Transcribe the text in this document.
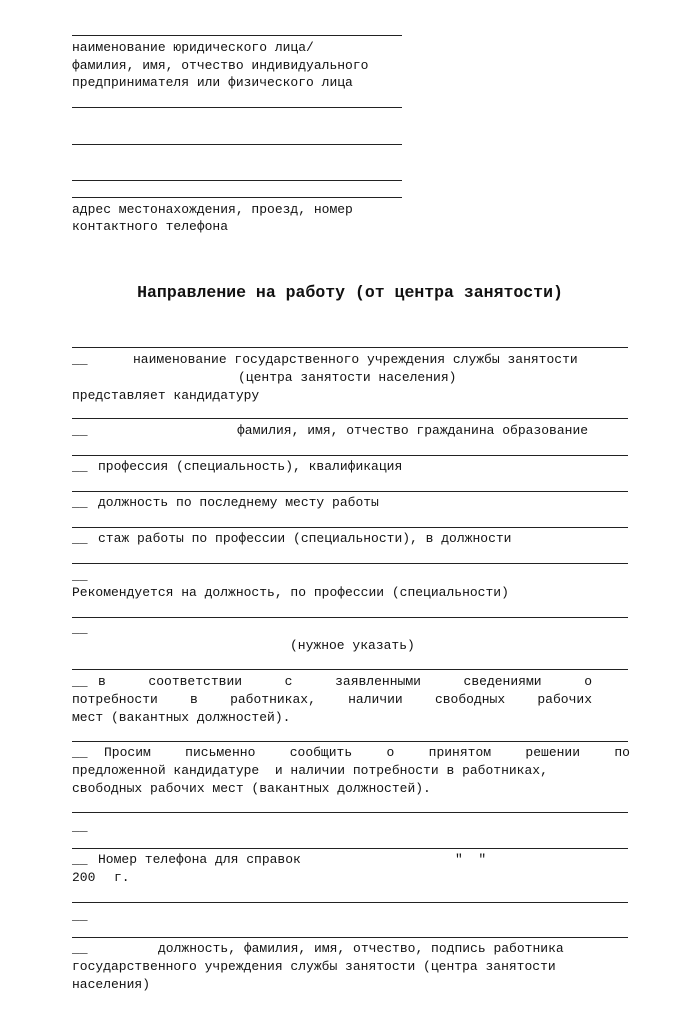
наименование юридического лица/
фамилия, имя, отчество индивидуального
предпринимателя или физического лица
адрес местонахождения, проезд, номер
контактного телефона
Направление на работу (от центра занятости)
__	наименование государственного учреждения службы занятости
(центра занятости населения)
представляет кандидатуру
__	фамилия, имя, отчество гражданина образование
__ профессия (специальность), квалификация
__ должность по последнему месту работы
__ стаж работы по профессии (специальности), в должности
__
Рекомендуется на должность, по профессии (специальности)
__
(нужное указать)
__ в соответствии с заявленными сведениями о
потребности в работниках, наличии свободных рабочих
мест (вакантных должностей).
__ Просим письменно сообщить о принятом решении по
предложенной кандидатуре  и наличии потребности в работниках,
свободных рабочих мест (вакантных должностей).
__
__ Номер телефона для справок	"  "
200 г.
__
__	должность, фамилия, имя, отчество, подпись работника
государственного учреждения службы занятости (центра занятости
населения)
